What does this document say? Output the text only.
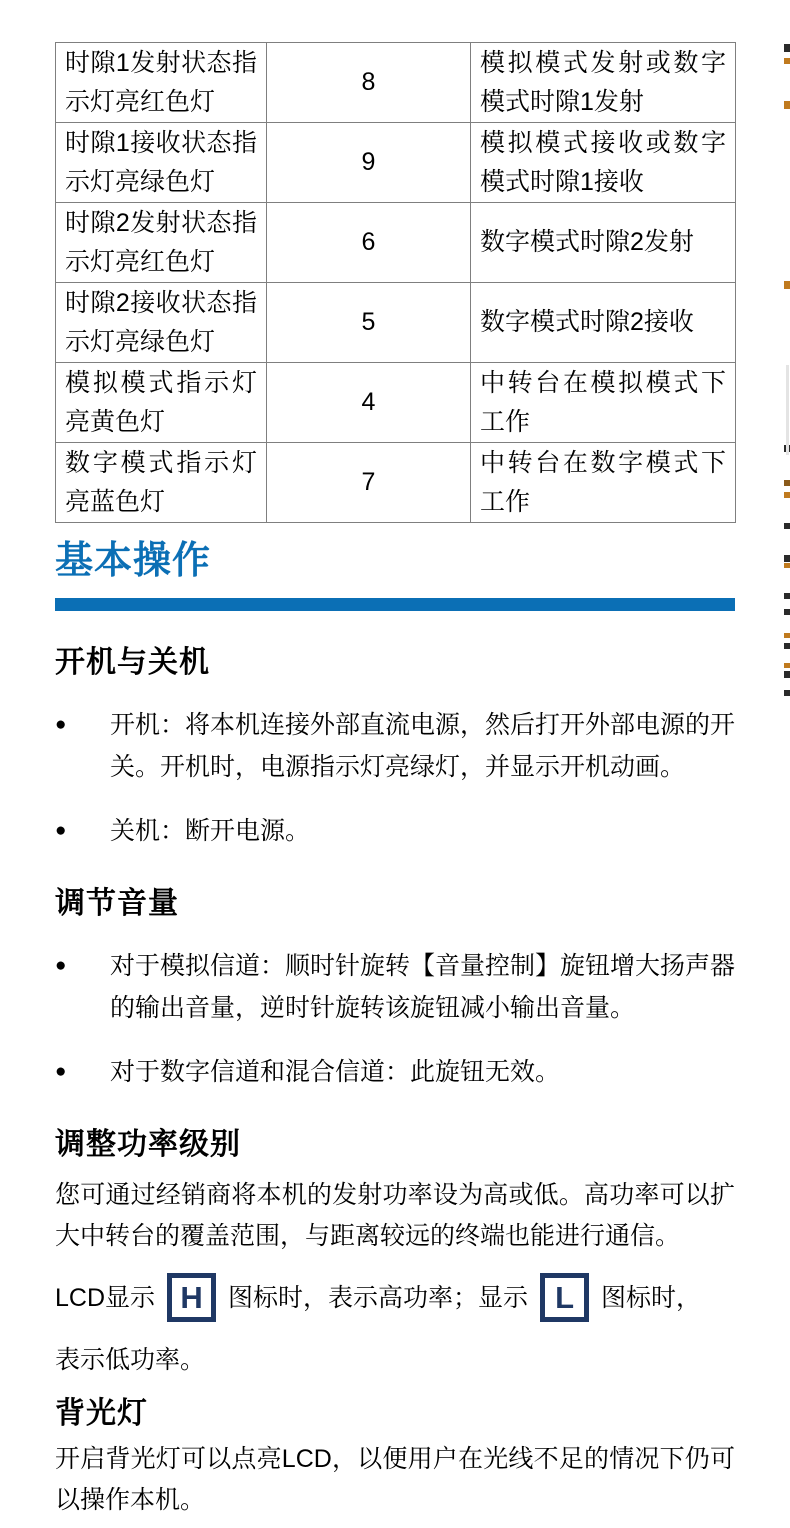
时隙1发射状态指示灯亮红色灯	8	模拟模式发射或数字模式时隙1发射
时隙1接收状态指示灯亮绿色灯	9	模拟模式接收或数字模式时隙1接收
时隙2发射状态指示灯亮红色灯	6	数字模式时隙2发射
时隙2接收状态指示灯亮绿色灯	5	数字模式时隙2接收
模拟模式指示灯亮黄色灯	4	中转台在模拟模式下工作
数字模式指示灯亮蓝色灯	7	中转台在数字模式下工作
基本操作
开机与关机
●	开机：将本机连接外部直流电源，然后打开外部电源的开关。开机时，电源指示灯亮绿灯，并显示开机动画。
●	关机：断开电源。
调节音量
●	对于模拟信道：顺时针旋转【音量控制】旋钮增大扬声器的输出音量，逆时针旋转该旋钮减小输出音量。
●	对于数字信道和混合信道：此旋钮无效。
调整功率级别
您可通过经销商将本机的发射功率设为高或低。高功率可以扩大中转台的覆盖范围，与距离较远的终端也能进行通信。
LCD显示 H 图标时，表示高功率；显示 L 图标时，
表示低功率。
背光灯
开启背光灯可以点亮LCD，以便用户在光线不足的情况下仍可以操作本机。
